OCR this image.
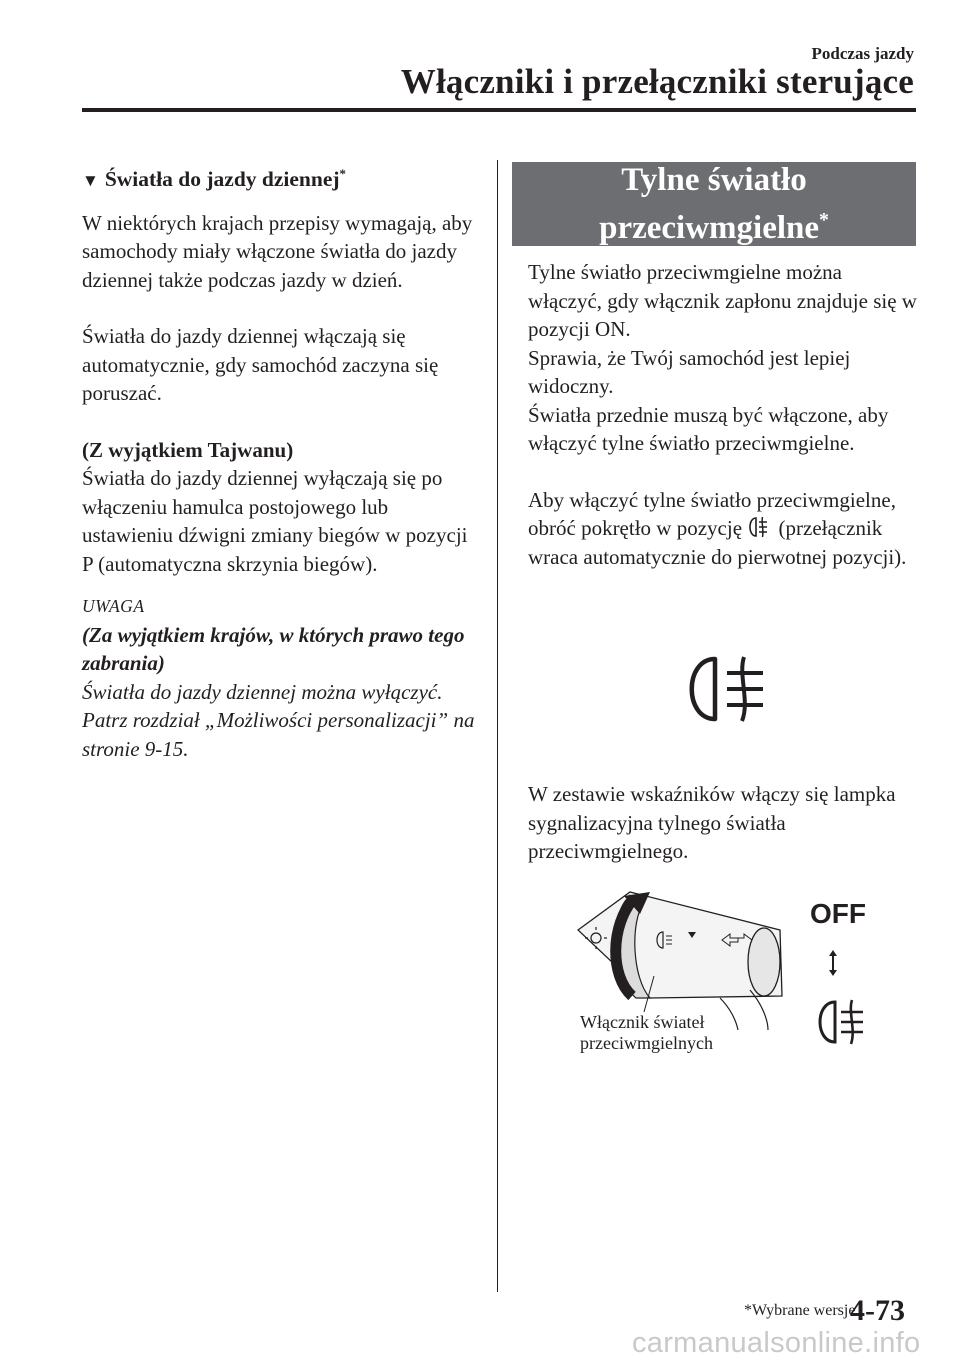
Podczas jazdy
Włączniki i przełączniki sterujące

▼ Światła do jazdy dziennej*

W niektórych krajach przepisy wymagają, aby samochody miały włączone światła do jazdy dziennej także podczas jazdy w dzień.

Światła do jazdy dziennej włączają się automatycznie, gdy samochód zaczyna się poruszać.

(Z wyjątkiem Tajwanu)

Światła do jazdy dziennej wyłączają się po włączeniu hamulca postojowego lub ustawieniu dźwigni zmiany biegów w pozycji P (automatyczna skrzynia biegów).

UWAGA

(Za wyjątkiem krajów, w których prawo tego zabrania)

Światła do jazdy dziennej można wyłączyć. Patrz rozdział „Możliwości personalizacji” na stronie 9-15.

Tylne światło
przeciwmgielne*

Tylne światło przeciwmgielne można włączyć, gdy włącznik zapłonu znajduje się w pozycji ON.

Sprawia, że Twój samochód jest lepiej widoczny.

Światła przednie muszą być włączone, aby włączyć tylne światło przeciwmgielne.

Aby włączyć tylne światło przeciwmgielne, obróć pokrętło w pozycję (przełącznik wraca automatycznie do pierwotnej pozycji).

W zestawie wskaźników włączy się lampka sygnalizacyjna tylnego światła przeciwmgielnego.

OFF
Włącznik świateł
przeciwmgielnych
*Wybrane wersje.
4-73
carmanualsonline.info
